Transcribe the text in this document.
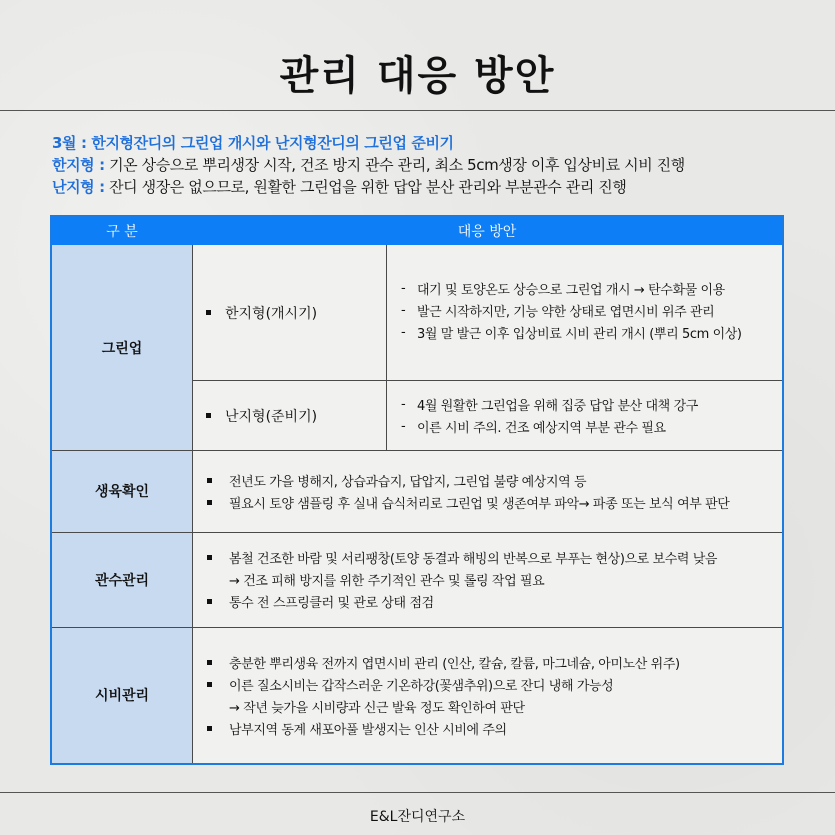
관리 대응 방안
3월 : 한지형잔디의 그린업 개시와 난지형잔디의 그린업 준비기
한지형 : 기온 상승으로 뿌리생장 시작, 건조 방지 관수 관리, 최소 5cm생장 이후 입상비료 시비 진행
난지형 : 잔디 생장은 없으므로, 원활한 그린업을 위한 답압 분산 관리와 부분관수 관리 진행
구 분	대응 방안
그린업
생육확인
관수관리
시비관리
한지형(개시기)
- 대기 및 토양온도 상승으로 그린업 개시 → 탄수화물 이용
- 발근 시작하지만, 기능 약한 상태로 엽면시비 위주 관리
- 3월 말 발근 이후 입상비료 시비 관리 개시 (뿌리 5cm 이상)
난지형(준비기)
- 4월 원활한 그린업을 위해 집중 답압 분산 대책 강구
- 이른 시비 주의. 건조 예상지역 부분 관수 필요
전년도 가을 병해지, 상습과습지, 답압지, 그린업 불량 예상지역 등
필요시 토양 샘플링 후 실내 습식처리로 그린업 및 생존여부 파악→ 파종 또는 보식 여부 판단
봄철 건조한 바람 및 서리팽창(토양 동결과 해빙의 반복으로 부푸는 현상)으로 보수력 낮음
→ 건조 피해 방지를 위한 주기적인 관수 및 롤링 작업 필요
통수 전 스프링클러 및 관로 상태 점검
충분한 뿌리생육 전까지 엽면시비 관리 (인산, 칼슘, 칼륨, 마그네슘, 아미노산 위주)
이른 질소시비는 갑작스러운 기온하강(꽃샘추위)으로 잔디 냉해 가능성
→ 작년 늦가을 시비량과 신근 발육 정도 확인하여 판단
남부지역 동계 새포아풀 발생지는 인산 시비에 주의
E&L잔디연구소
